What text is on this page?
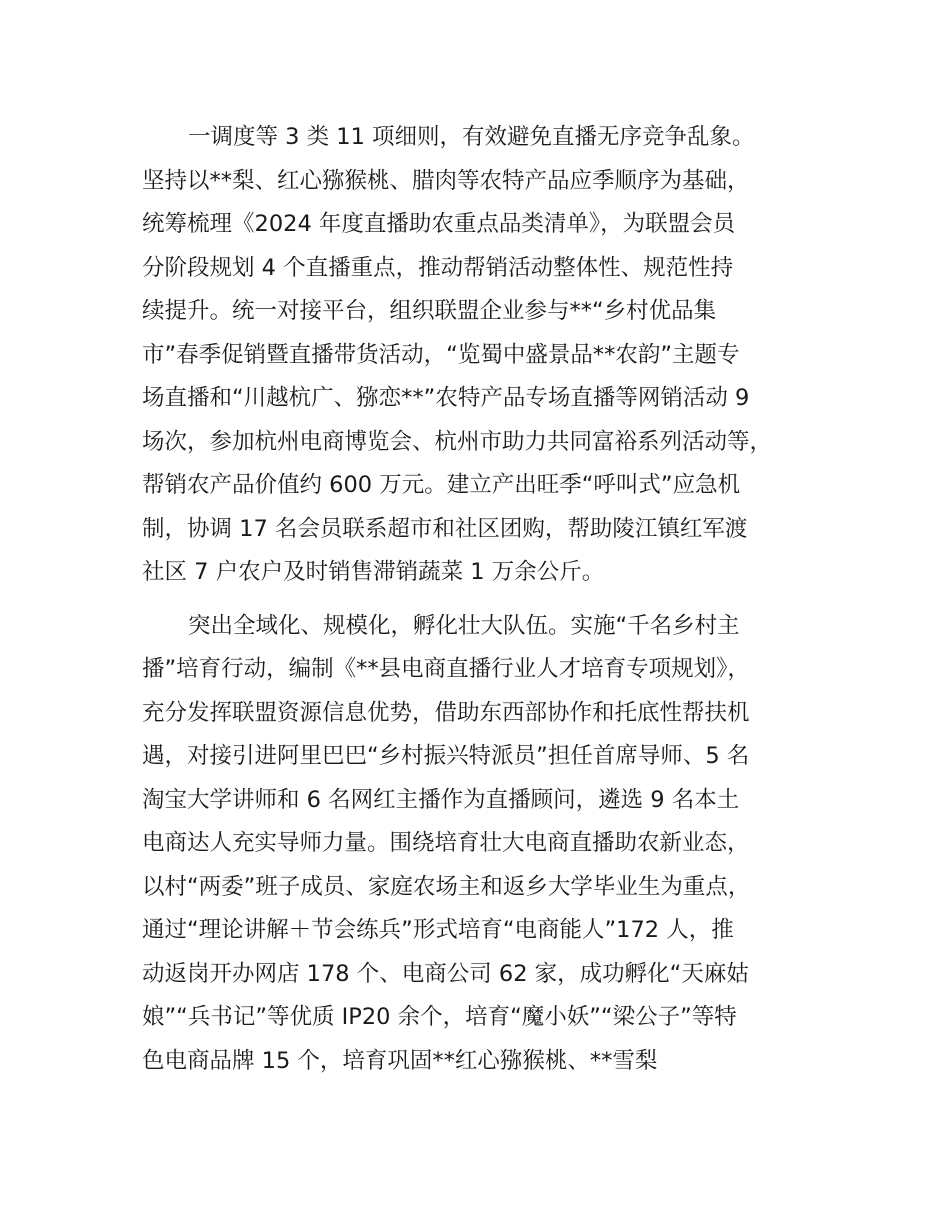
一调度等 3 类 11 项细则，有效避免直播无序竞争乱象。
坚持以**梨、红心猕猴桃、腊肉等农特产品应季顺序为基础，
统筹梳理《2024 年度直播助农重点品类清单》，为联盟会员
分阶段规划 4 个直播重点，推动帮销活动整体性、规范性持
续提升。统一对接平台，组织联盟企业参与**“乡村优品集
市”春季促销暨直播带货活动，“览蜀中盛景品**农韵”主题专
场直播和“川越杭广、猕恋**”农特产品专场直播等网销活动 9
场次，参加杭州电商博览会、杭州市助力共同富裕系列活动等，
帮销农产品价值约 600 万元。建立产出旺季“呼叫式”应急机
制，协调 17 名会员联系超市和社区团购，帮助陵江镇红军渡
社区 7 户农户及时销售滞销蔬菜 1 万余公斤。
突出全域化、规模化，孵化壮大队伍。实施“千名乡村主
播”培育行动，编制《**县电商直播行业人才培育专项规划》，
充分发挥联盟资源信息优势，借助东西部协作和托底性帮扶机
遇，对接引进阿里巴巴“乡村振兴特派员”担任首席导师、5 名
淘宝大学讲师和 6 名网红主播作为直播顾问，遴选 9 名本土
电商达人充实导师力量。围绕培育壮大电商直播助农新业态，
以村“两委”班子成员、家庭农场主和返乡大学毕业生为重点，
通过“理论讲解＋节会练兵”形式培育“电商能人”172 人，推
动返岗开办网店 178 个、电商公司 62 家，成功孵化“天麻姑
娘”“兵书记”等优质 IP20 余个，培育“魔小妖”“梁公子”等特
色电商品牌 15 个，培育巩固**红心猕猴桃、**雪梨
